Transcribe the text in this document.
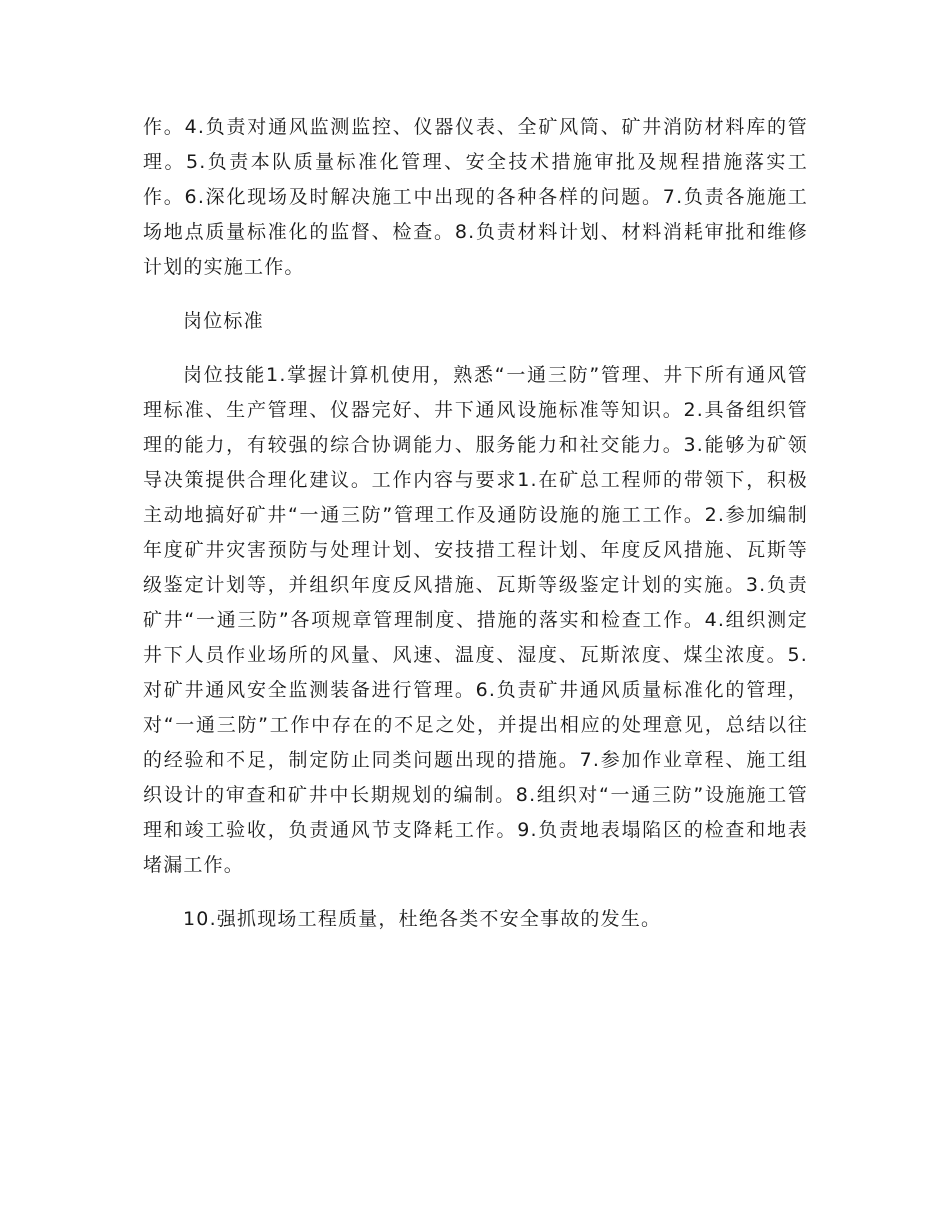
作。4.负责对通风监测监控、仪器仪表、全矿风筒、矿井消防材料库的管理。5.负责本队质量标准化管理、安全技术措施审批及规程措施落实工作。6.深化现场及时解决施工中出现的各种各样的问题。7.负责各施施工场地点质量标准化的监督、检查。8.负责材料计划、材料消耗审批和维修计划的实施工作。

岗位标准

岗位技能1.掌握计算机使用，熟悉“一通三防”管理、井下所有通风管理标准、生产管理、仪器完好、井下通风设施标准等知识。2.具备组织管理的能力，有较强的综合协调能力、服务能力和社交能力。3.能够为矿领导决策提供合理化建议。工作内容与要求1.在矿总工程师的带领下，积极主动地搞好矿井“一通三防”管理工作及通防设施的施工工作。2.参加编制年度矿井灾害预防与处理计划、安技措工程计划、年度反风措施、瓦斯等级鉴定计划等，并组织年度反风措施、瓦斯等级鉴定计划的实施。3.负责矿井“一通三防”各项规章管理制度、措施的落实和检查工作。4.组织测定井下人员作业场所的风量、风速、温度、湿度、瓦斯浓度、煤尘浓度。5.对矿井通风安全监测装备进行管理。6.负责矿井通风质量标准化的管理，对“一通三防”工作中存在的不足之处，并提出相应的处理意见，总结以往的经验和不足，制定防止同类问题出现的措施。7.参加作业章程、施工组织设计的审查和矿井中长期规划的编制。8.组织对“一通三防”设施施工管理和竣工验收，负责通风节支降耗工作。9.负责地表塌陷区的检查和地表堵漏工作。

10.强抓现场工程质量，杜绝各类不安全事故的发生。
